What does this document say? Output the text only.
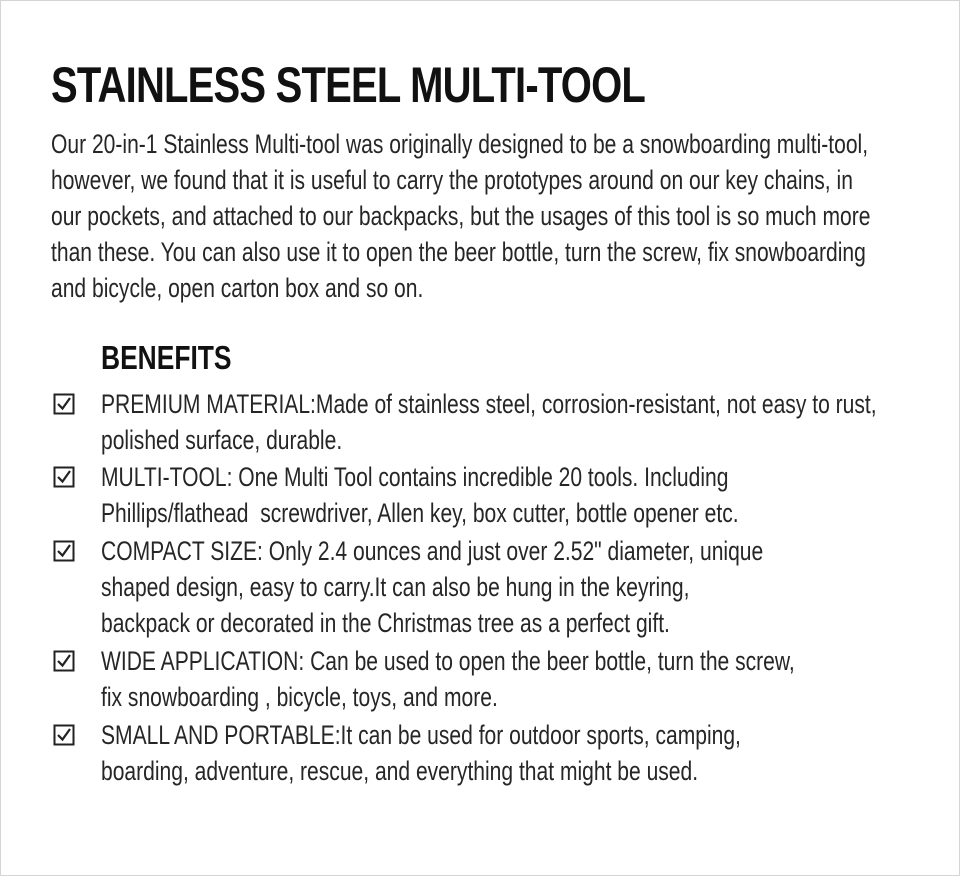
STAINLESS STEEL MULTI-TOOL

Our 20-in-1 Stainless Multi-tool was originally designed to be a snowboarding multi-tool,
however, we found that it is useful to carry the prototypes around on our key chains, in
our pockets, and attached to our backpacks, but the usages of this tool is so much more
than these. You can also use it to open the beer bottle, turn the screw, fix snowboarding
and bicycle, open carton box and so on.

BENEFITS
PREMIUM MATERIAL:Made of stainless steel, corrosion-resistant, not easy to rust,
polished surface, durable.
MULTI-TOOL: One Multi Tool contains incredible 20 tools. Including
Phillips/flathead  screwdriver, Allen key, box cutter, bottle opener etc.
COMPACT SIZE: Only 2.4 ounces and just over 2.52" diameter, unique
shaped design, easy to carry.It can also be hung in the keyring,
backpack or decorated in the Christmas tree as a perfect gift.
WIDE APPLICATION: Can be used to open the beer bottle, turn the screw,
fix snowboarding , bicycle, toys, and more.
SMALL AND PORTABLE:It can be used for outdoor sports, camping,
boarding, adventure, rescue, and everything that might be used.
